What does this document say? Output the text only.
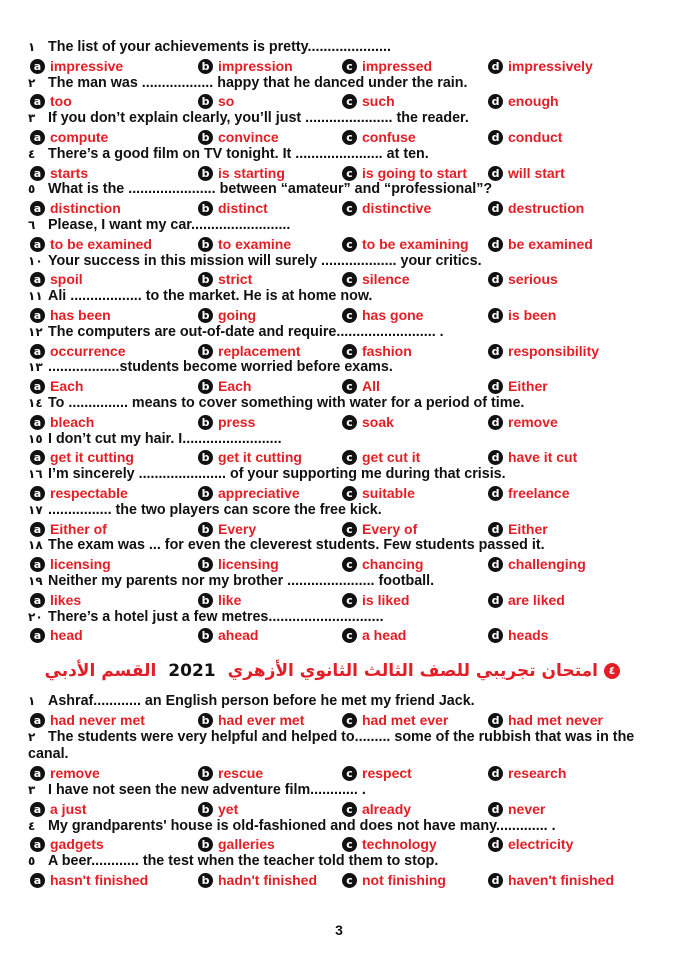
١ The list of your achievements is pretty.....................
a impressive	b impression	c impressed	d impressively
٢ The man was .................. happy that he danced under the rain.
a too	b so	c such	d enough
٣ If you don’t explain clearly, you’ll just ...................... the reader.
a compute	b convince	c confuse	d conduct
٤ There’s a good film on TV tonight. It ...................... at ten.
a starts	b is starting	c is going to start	d will start
٥ What is the ...................... between “amateur” and “professional”?
a distinction	b distinct	c distinctive	d destruction
٦ Please, I want my car.........................
a to be examined	b to examine	c to be examining	d be examined
١٠ Your success in this mission will surely ................... your critics.
a spoil	b strict	c silence	d serious
١١ Ali .................. to the market. He is at home now.
a has been	b going	c has gone	d is been
١٢ The computers are out-of-date and require......................... .
a occurrence	b replacement	c fashion	d responsibility
١٣ ..................students become worried before exams.
a Each	b Each	c All	d Either
١٤ To ............... means to cover something with water for a period of time.
a bleach	b press	c soak	d remove
١٥ I don’t cut my hair. I.........................
a get it cutting	b get it cutting	c get cut it	d have it cut
١٦ I’m sincerely ...................... of your supporting me during that crisis.
a respectable	b appreciative	c suitable	d freelance
١٧ ................ the two players can score the free kick.
a Either of	b Every	c Every of	d Either
١٨ The exam was ... for even the cleverest students. Few students passed it.
a licensing	b licensing	c chancing	d challenging
١٩ Neither my parents nor my brother ...................... football.
a likes	b like	c is liked	d are liked
٢٠ There’s a hotel just a few metres.............................
a head	b ahead	c a head	d heads
٤امتحان تجريبي للصف الثالث الثانوي الأزهري2021القسم الأدبي
١ Ashraf............ an English person before he met my friend Jack.
a had never met	b had ever met	c had met ever	d had met never
٢ The students were very helpful and helped to......... some of the rubbish that was in the canal.
a remove	b rescue	c respect	d research
٣ I have not seen the new adventure film............ .
a a just	b yet	c already	d never
٤ My grandparents' house is old-fashioned and does not have many............. .
a gadgets	b galleries	c technology	d electricity
٥ A beer............ the test when the teacher told them to stop.
a hasn't finished	b hadn't finished	c not finishing	d haven't finished
3
